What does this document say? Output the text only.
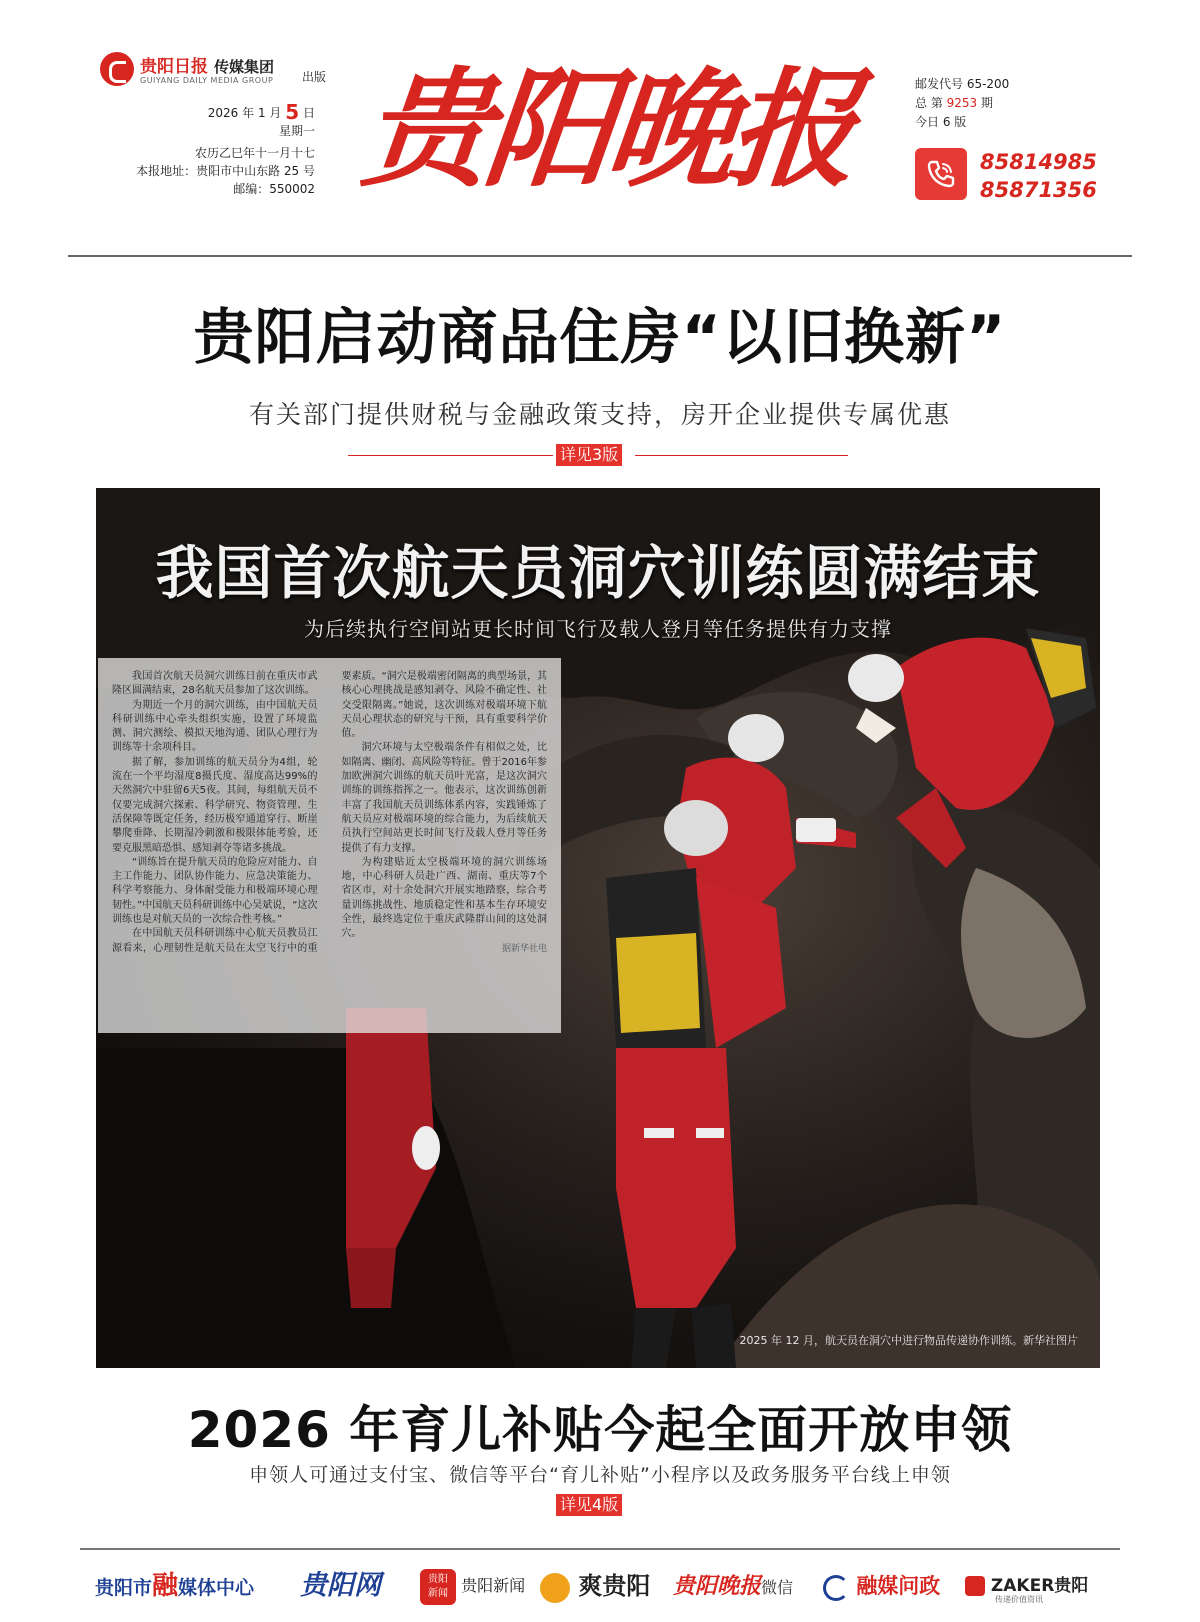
贵阳日报 传媒集团
GUIYANG DAILY MEDIA GROUP 出版
2026 年 1 月 5 日
星期一
农历乙巳年十一月十七
本报地址：贵阳市中山东路 25 号
邮编：550002 贵阳晚报	邮发代号 65-200
总 第 9253 期
今日 6 版
85814985
85871356
贵阳启动商品住房“以旧换新”
有关部门提供财税与金融政策支持，房开企业提供专属优惠
详见3版
我国首次航天员洞穴训练圆满结束
为后续执行空间站更长时间飞行及载人登月等任务提供有力支撑

我国首次航天员洞穴训练日前在重庆市武隆区圆满结束，28名航天员参加了这次训练。

为期近一个月的洞穴训练，由中国航天员科研训练中心牵头组织实施，设置了环境监测、洞穴测绘、模拟天地沟通、团队心理行为训练等十余项科目。

据了解，参加训练的航天员分为4组，轮流在一个平均湿度8摄氏度、湿度高达99%的天然洞穴中驻留6天5夜。其间，每组航天员不仅要完成洞穴探索、科学研究、物资管理、生活保障等既定任务，经历极窄通道穿行、断崖攀爬垂降、长期湿冷刺激和极限体能考验，还要克服黑暗恐惧、感知剥夺等诸多挑战。

“训练旨在提升航天员的危险应对能力、自主工作能力、团队协作能力、应急决策能力、科学考察能力、身体耐受能力和极端环境心理韧性。”中国航天员科研训练中心吴斌说，“这次训练也是对航天员的一次综合性考核。”

在中国航天员科研训练中心航天员教员江源看来，心理韧性是航天员在太空飞行中的重要素质。“洞穴是极端密闭隔离的典型场景，其核心心理挑战是感知剥夺、风险不确定性、社交受限隔离。”她说，这次训练对极端环境下航天员心理状态的研究与干预，具有重要科学价值。

洞穴环境与太空极端条件有相似之处，比如隔离、幽闭、高风险等特征。曾于2016年参加欧洲洞穴训练的航天员叶光富，是这次洞穴训练的训练指挥之一。他表示，这次训练创新丰富了我国航天员训练体系内容，实践锤炼了航天员应对极端环境的综合能力，为后续航天员执行空间站更长时间飞行及载人登月等任务提供了有力支撑。

为构建贴近太空极端环境的洞穴训练场地，中心科研人员赴广西、湖南、重庆等7个省区市，对十余处洞穴开展实地踏察，综合考量训练挑战性、地质稳定性和基本生存环境安全性，最终选定位于重庆武隆群山间的这处洞穴。

据新华社电

2025 年 12 月，航天员在洞穴中进行物品传递协作训练。新华社图片
2026 年育儿补贴今起全面开放申领
申领人可通过支付宝、微信等平台“育儿补贴”小程序以及政务服务平台线上申领
详见4版
贵阳市融媒体中心 贵阳网	贵阳
新闻 贵阳新闻	爽贵阳 贵阳晚报微信	融媒问政	ZAKER贵阳
传递价值资讯
